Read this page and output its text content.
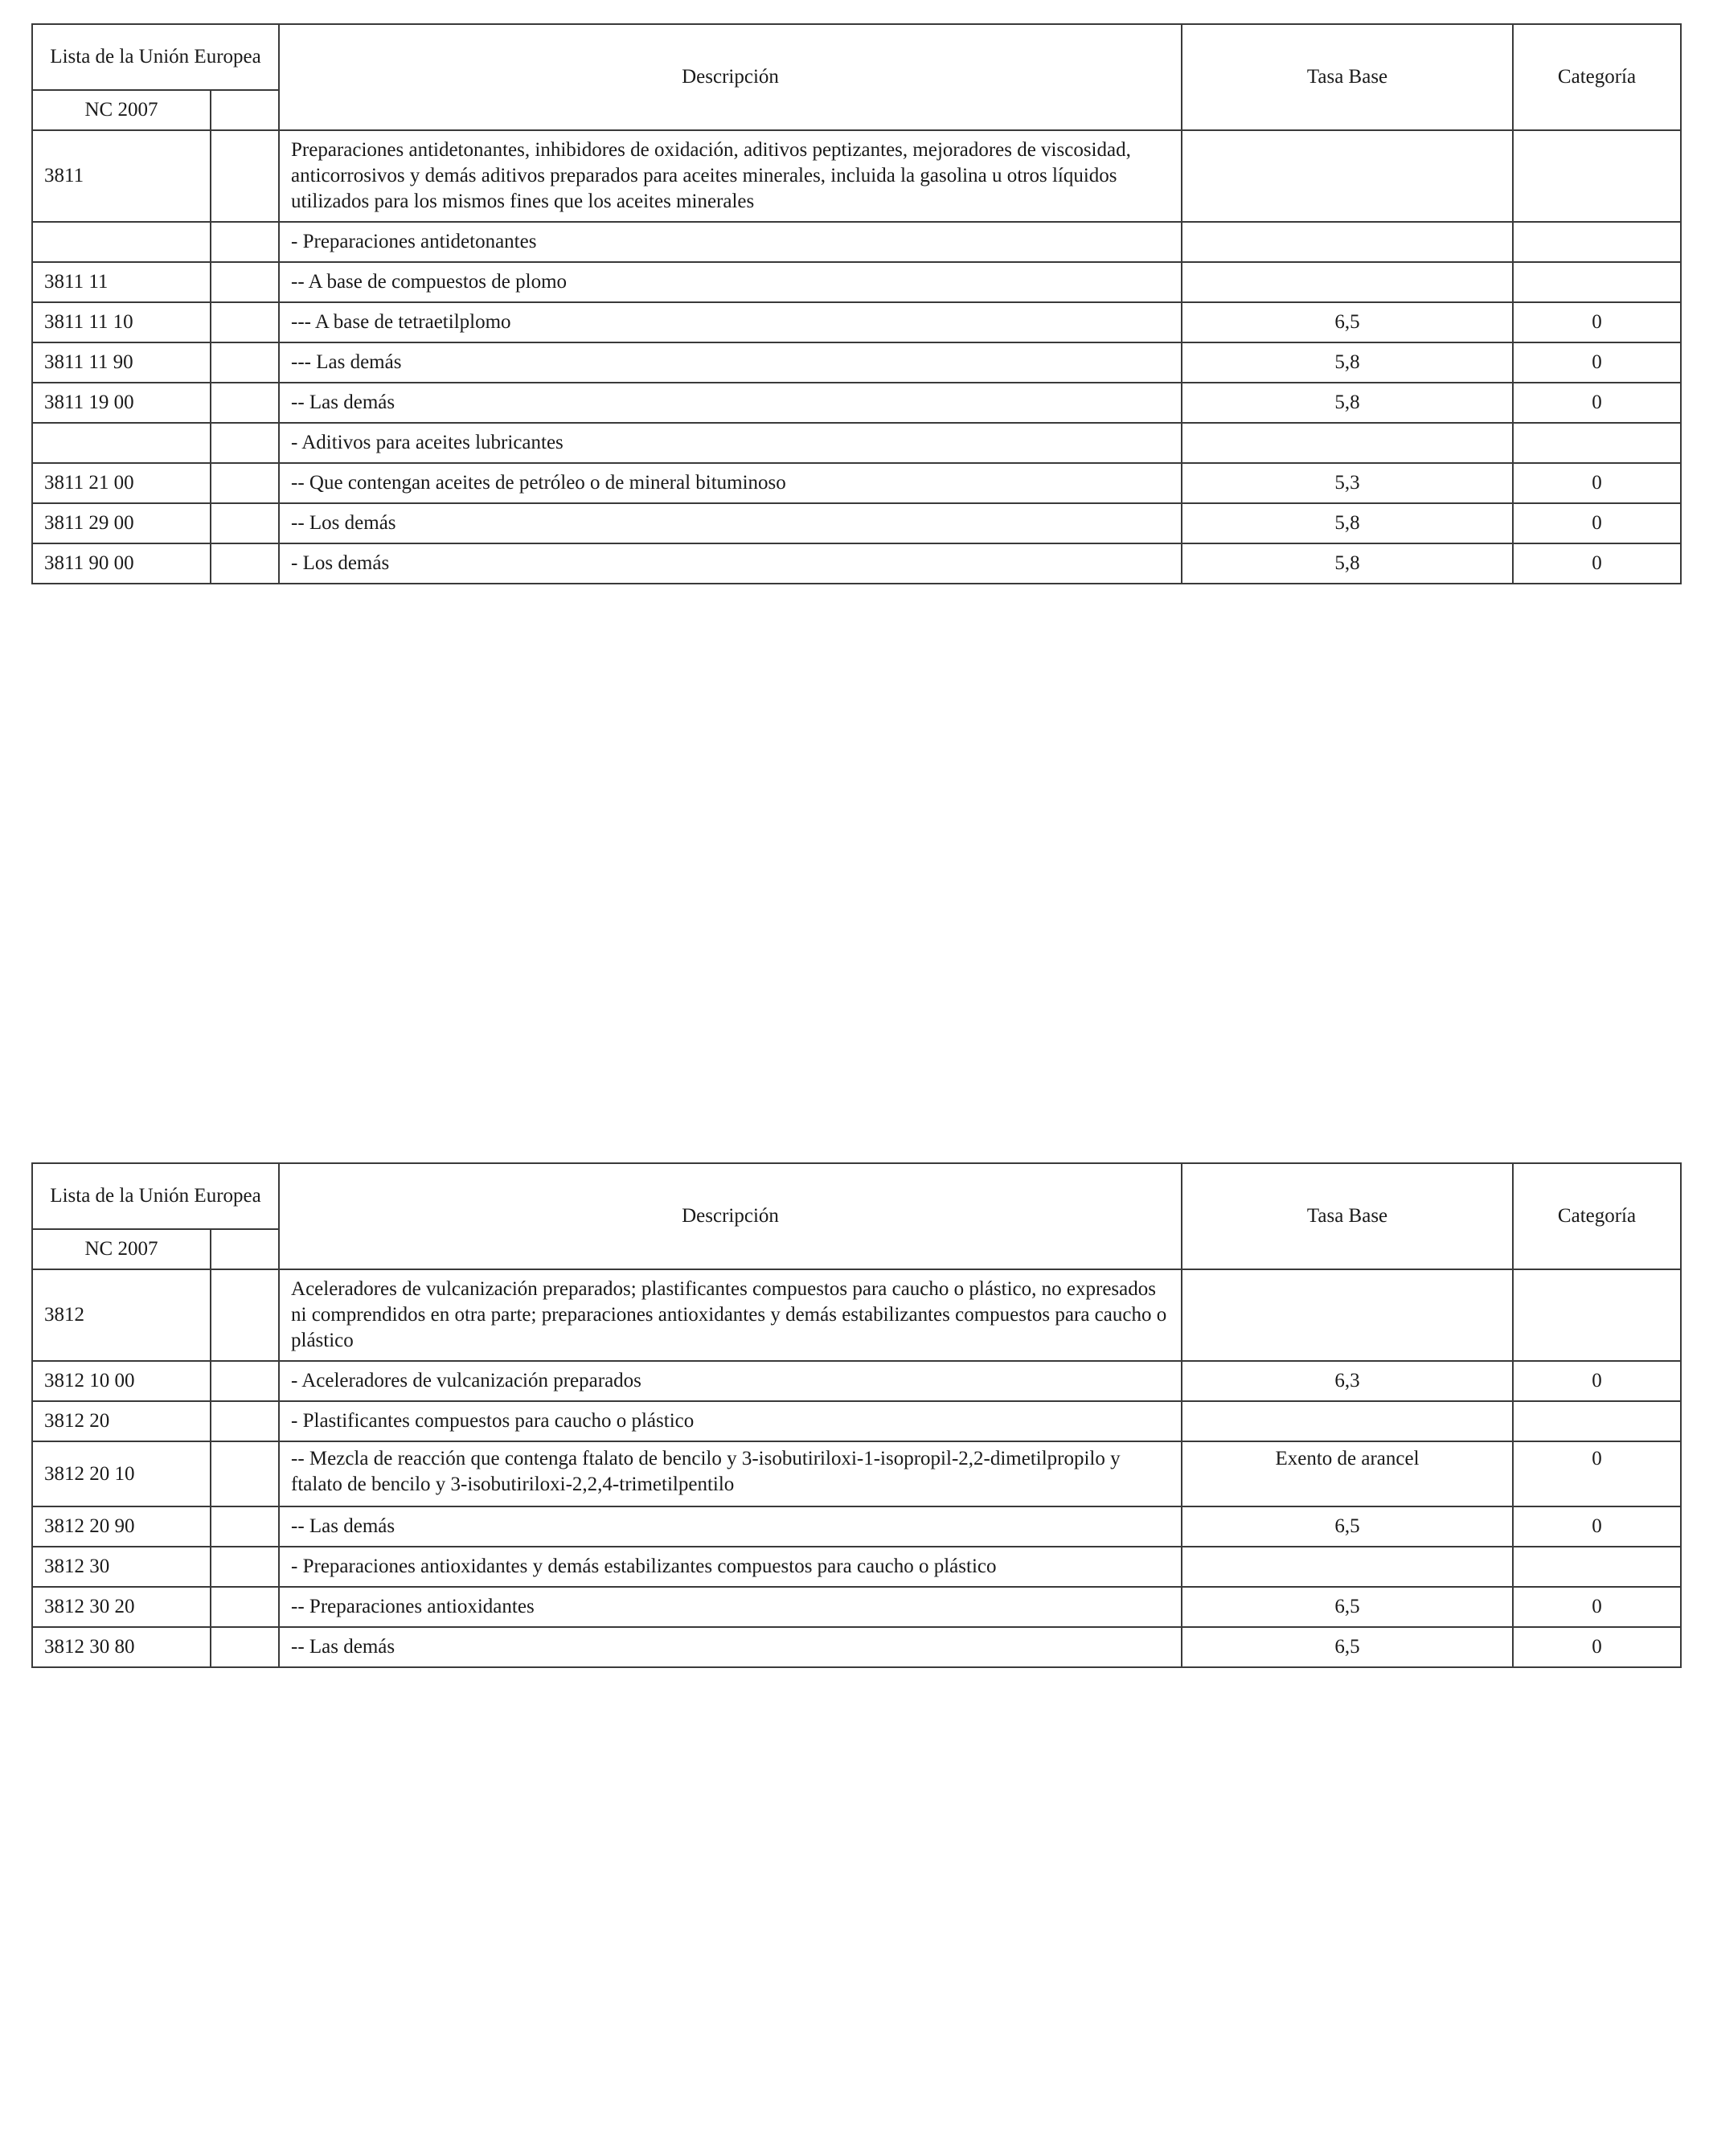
Lista de la Unión Europea		Descripción	Tasa Base	Categoría
NC 2007				
3811		Preparaciones antidetonantes, inhibidores de oxidación, aditivos peptizantes, mejoradores de viscosidad, anticorrosivos y demás aditivos preparados para aceites minerales, incluida la gasolina u otros líquidos utilizados para los mismos fines que los aceites minerales		
		- Preparaciones antidetonantes		
3811 11		-- A base de compuestos de plomo		
3811 11 10		--- A base de tetraetilplomo	6,5	0
3811 11 90		--- Las demás	5,8	0
3811 19 00		-- Las demás	5,8	0
		- Aditivos para aceites lubricantes		
3811 21 00		-- Que contengan aceites de petróleo o de mineral bituminoso	5,3	0
3811 29 00		-- Los demás	5,8	0
3811 90 00		- Los demás	5,8	0
Lista de la Unión Europea		Descripción	Tasa Base	Categoría
NC 2007				
3812		Aceleradores de vulcanización preparados; plastificantes compuestos para caucho o plástico, no expresados ni comprendidos en otra parte; preparaciones antioxidantes y demás estabilizantes compuestos para caucho o plástico		
3812 10 00		- Aceleradores de vulcanización preparados	6,3	0
3812 20		- Plastificantes compuestos para caucho o plástico		
3812 20 10		-- Mezcla de reacción que contenga ftalato de bencilo y 3-isobutiriloxi-1-isopropil-2,2-dimetilpropilo y ftalato de bencilo y 3-isobutiriloxi-2,2,4-trimetilpentilo	Exento de arancel	0
3812 20 90		-- Las demás	6,5	0
3812 30		- Preparaciones antioxidantes y demás estabilizantes compuestos para caucho o plástico		
3812 30 20		-- Preparaciones antioxidantes	6,5	0
3812 30 80		-- Las demás	6,5	0
